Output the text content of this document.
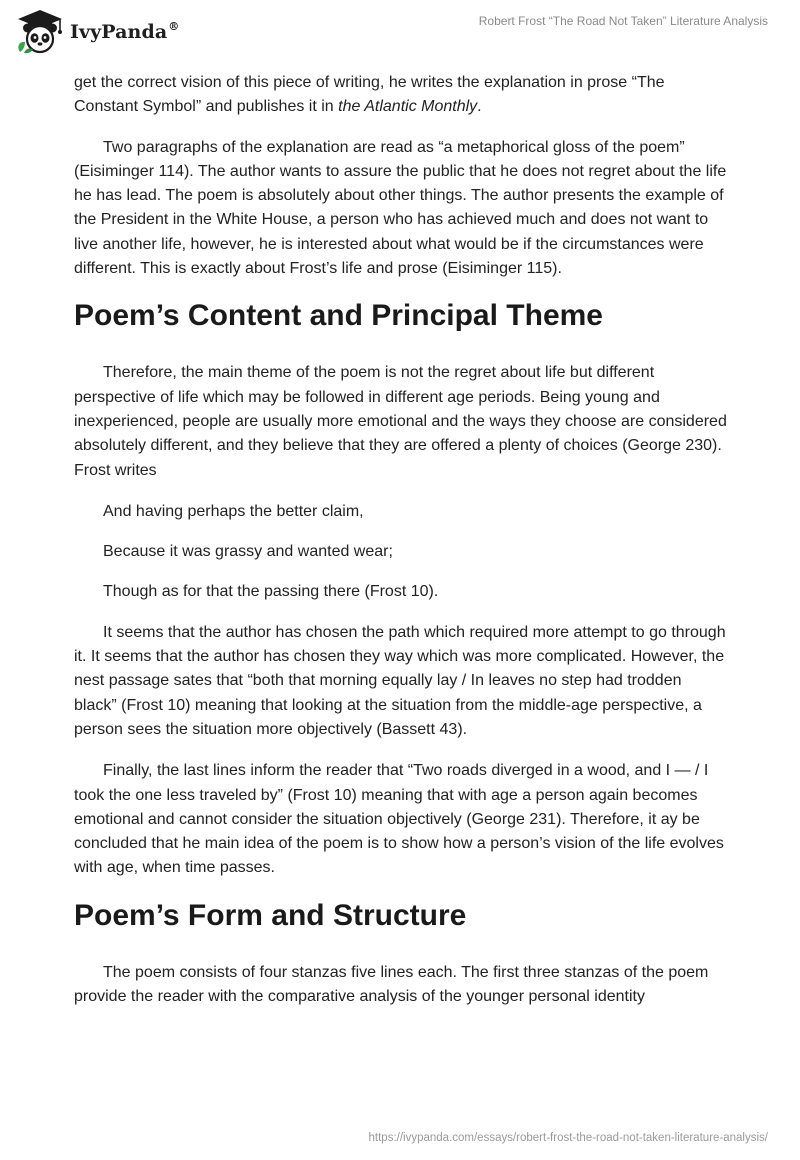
IvyPanda®	Robert Frost “The Road Not Taken” Literature Analysis

get the correct vision of this piece of writing, he writes the explanation in prose “The Constant Symbol” and publishes it in the Atlantic Monthly.

Two paragraphs of the explanation are read as “a metaphorical gloss of the poem” (Eisiminger 114). The author wants to assure the public that he does not regret about the life he has lead. The poem is absolutely about other things. The author presents the example of the President in the White House, a person who has achieved much and does not want to live another life, however, he is interested about what would be if the circumstances were different. This is exactly about Frost’s life and prose (Eisiminger 115).

Poem’s Content and Principal Theme

Therefore, the main theme of the poem is not the regret about life but different perspective of life which may be followed in different age periods. Being young and inexperienced, people are usually more emotional and the ways they choose are considered absolutely different, and they believe that they are offered a plenty of choices (George 230). Frost writes

And having perhaps the better claim,

Because it was grassy and wanted wear;

Though as for that the passing there (Frost 10).

It seems that the author has chosen the path which required more attempt to go through it. It seems that the author has chosen they way which was more complicated. However, the nest passage sates that “both that morning equally lay / In leaves no step had trodden black” (Frost 10) meaning that looking at the situation from the middle-age perspective, a person sees the situation more objectively (Bassett 43).

Finally, the last lines inform the reader that “Two roads diverged in a wood, and I — / I took the one less traveled by” (Frost 10) meaning that with age a person again becomes emotional and cannot consider the situation objectively (George 231). Therefore, it ay be concluded that he main idea of the poem is to show how a person’s vision of the life evolves with age, when time passes.

Poem’s Form and Structure

The poem consists of four stanzas five lines each. The first three stanzas of the poem provide the reader with the comparative analysis of the younger personal identity

https://ivypanda.com/essays/robert-frost-the-road-not-taken-literature-analysis/
